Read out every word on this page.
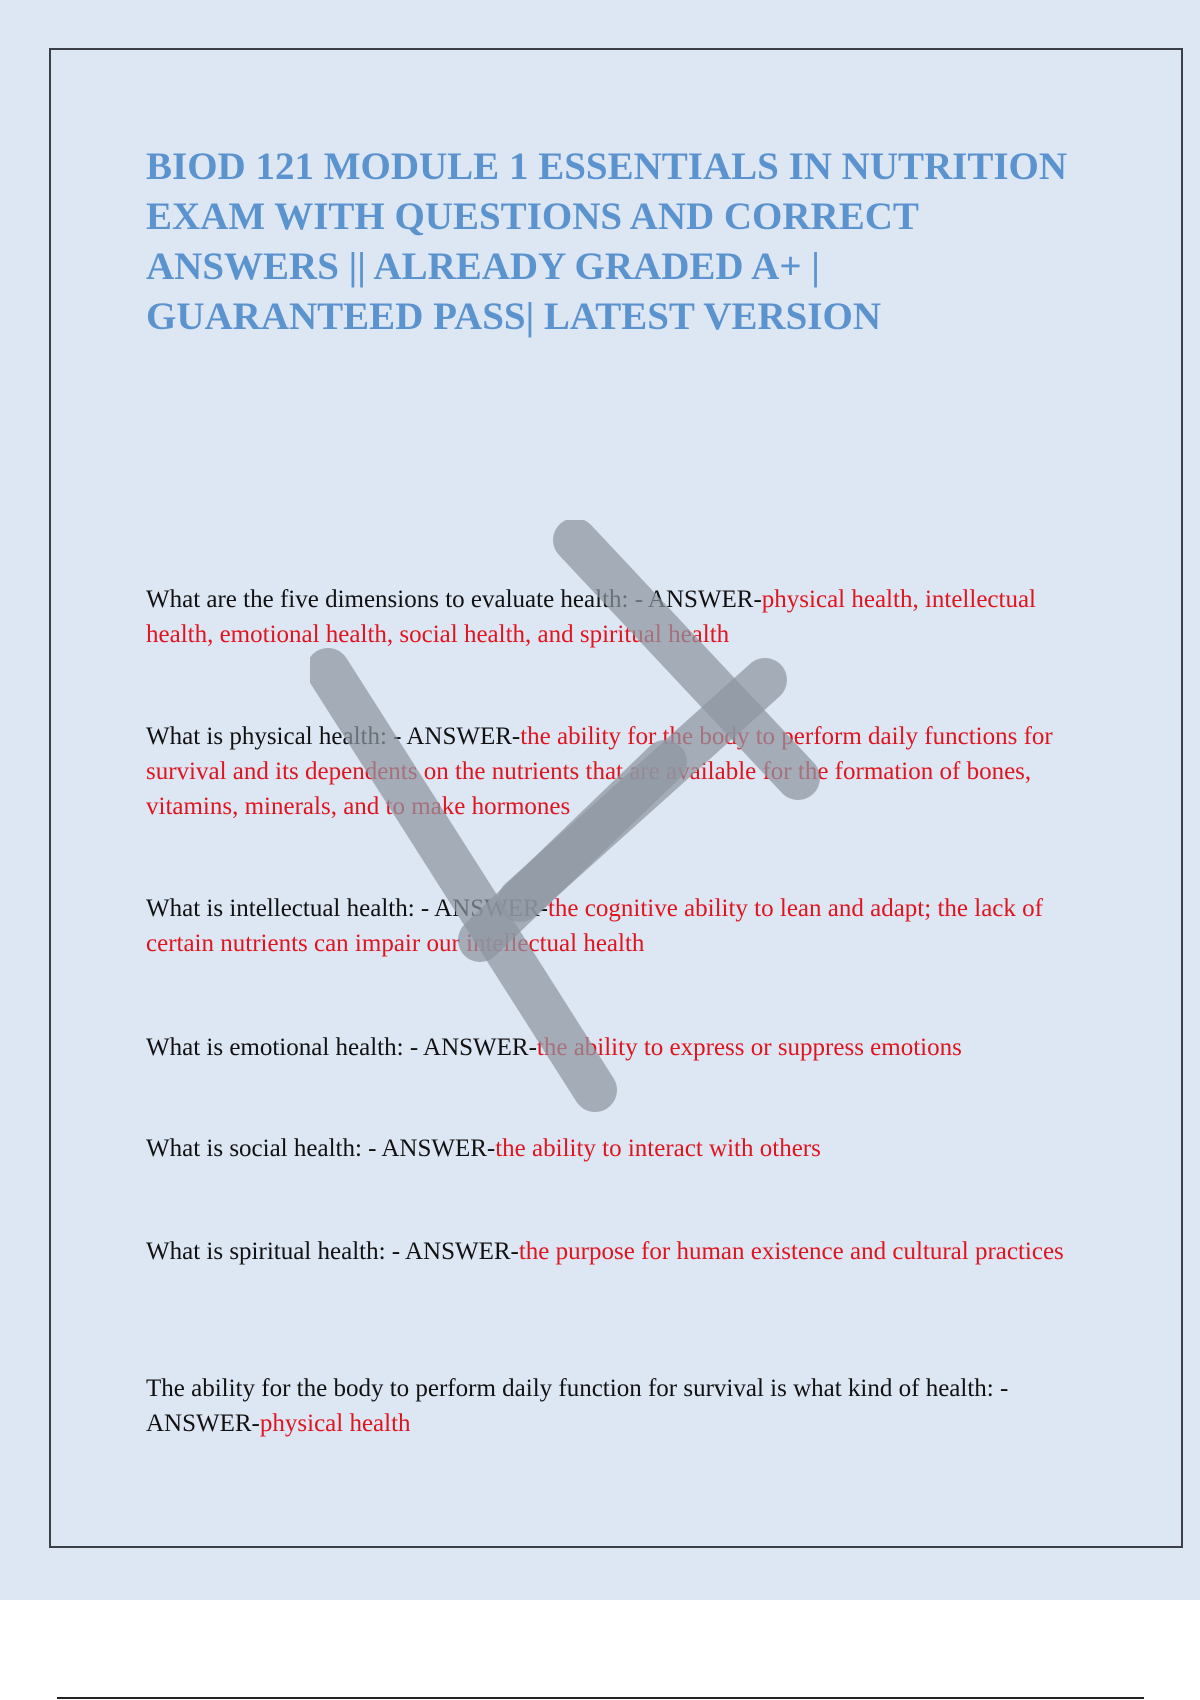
BIOD 121 MODULE 1 ESSENTIALS IN NUTRITION EXAM WITH QUESTIONS AND CORRECT ANSWERS || ALREADY GRADED A+ | GUARANTEED PASS| LATEST VERSION

What are the five dimensions to evaluate health: - ANSWER-physical health, intellectual health, emotional health, social health, and spiritual health

What is physical health: - ANSWER-the ability for the body to perform daily functions for survival and its dependents on the nutrients that are available for the formation of bones, vitamins, minerals, and to make hormones

What is intellectual health: - ANSWER-the cognitive ability to lean and adapt; the lack of certain nutrients can impair our intellectual health

What is emotional health: - ANSWER-the ability to express or suppress emotions

What is social health: - ANSWER-the ability to interact with others

What is spiritual health: - ANSWER-the purpose for human existence and cultural practices

The ability for the body to perform daily function for survival is what kind of health: - ANSWER-physical health
